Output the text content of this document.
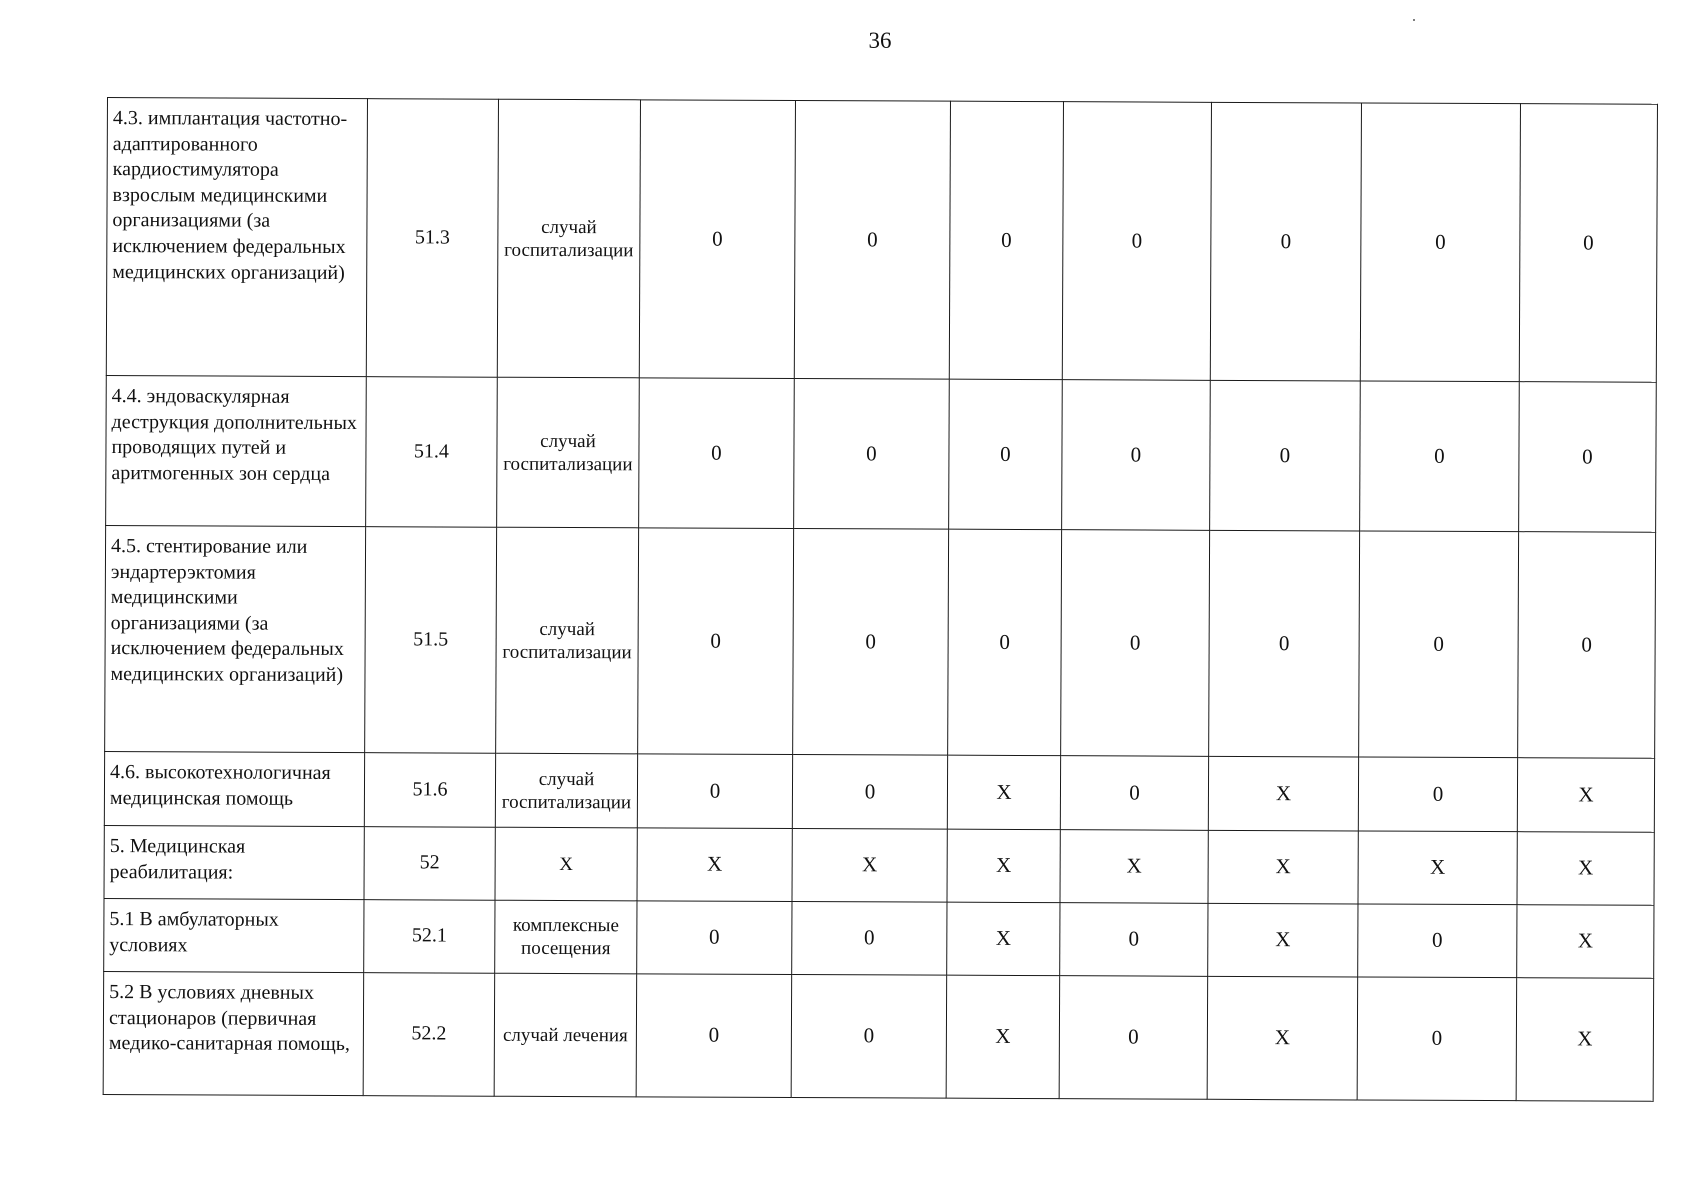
36
4.3. имплантация частотно-адаптированного кардиостимулятора взрослым медицинскими организациями (за исключением федеральных медицинских организаций)	51.3	случай госпитализации	0	0	0	0	0	0	0
4.4. эндоваскулярная деструкция дополнительных проводящих путей и аритмогенных зон сердца	51.4	случай госпитализации	0	0	0	0	0	0	0
4.5. стентирование или эндартерэктомия медицинскими организациями (за исключением федеральных медицинских организаций)	51.5	случай госпитализации	0	0	0	0	0	0	0
4.6. высокотехнологичная медицинская помощь	51.6	случай госпитализации	0	0	Х	0	Х	0	Х
5. Медицинская реабилитация:	52	Х	Х	Х	Х	Х	Х	Х	Х
5.1 В амбулаторных условиях	52.1	комплексные посещения	0	0	Х	0	Х	0	Х
5.2 В условиях дневных стационаров (первичная медико-санитарная помощь,	52.2	случай лечения	0	0	Х	0	Х	0	Х
